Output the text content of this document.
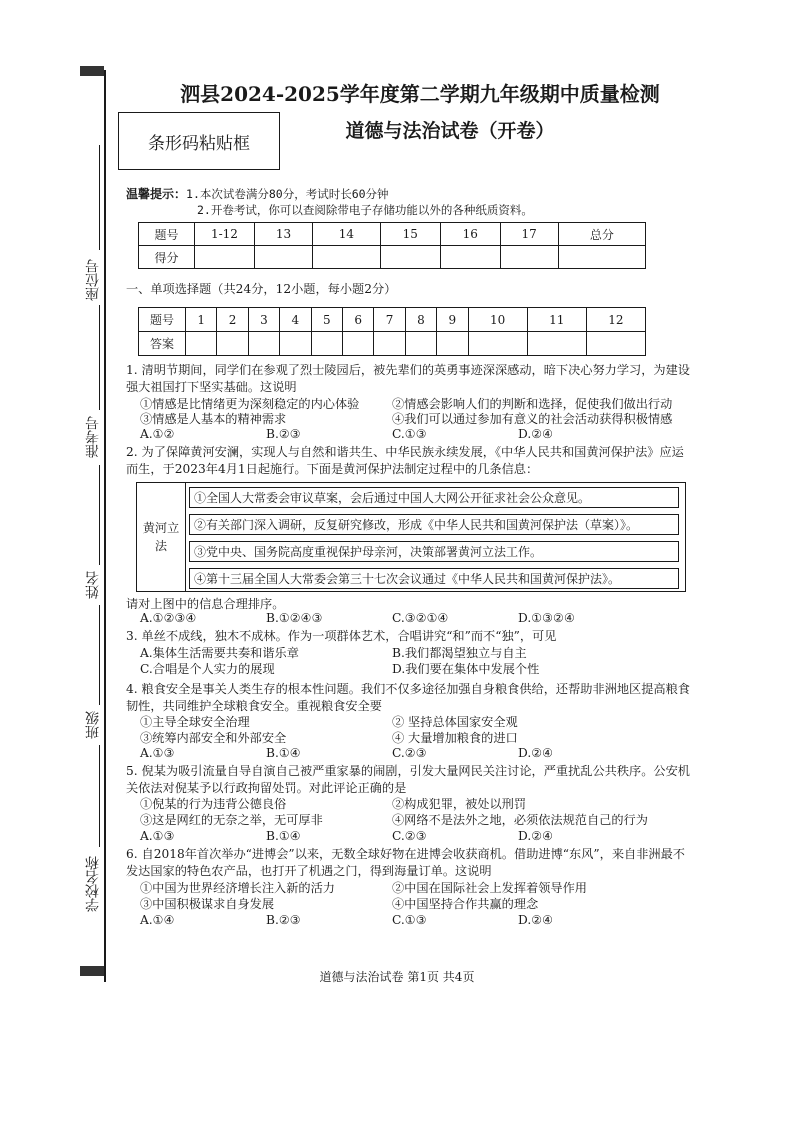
座位号
准考号
姓名
班级
学校名称
泗县2024-2025学年度第二学期九年级期中质量检测
道德与法治试卷（开卷）
条形码粘贴框
温馨提示：1.本次试卷满分80分，考试时长60分钟
2.开卷考试，你可以查阅除带电子存储功能以外的各种纸质资料。
题号	1-12	13	14	15	16	17	总分
得分							
一、单项选择题（共24分，12小题，每小题2分）
题号	1	2	3	4	5	6	7	8	9	10	11	12
答案												
1. 清明节期间，同学们在参观了烈士陵园后，被先辈们的英勇事迹深深感动，暗下决心努力学习，为建设强大祖国打下坚实基础。这说明
①情感是比情绪更为深刻稳定的内心体验	②情感会影响人们的判断和选择，促使我们做出行动
③情感是人基本的精神需求	④我们可以通过参加有意义的社会活动获得积极情感
A.①②	B.②③	C.①③	D.②④
2. 为了保障黄河安澜，实现人与自然和谐共生、中华民族永续发展，《中华人民共和国黄河保护法》应运而生，于2023年4月1日起施行。下面是黄河保护法制定过程中的几条信息：
黄河立法
①全国人大常委会审议草案，会后通过中国人大网公开征求社会公众意见。
②有关部门深入调研，反复研究修改，形成《中华人民共和国黄河保护法（草案）》。
③党中央、国务院高度重视保护母亲河，决策部署黄河立法工作。
④第十三届全国人大常委会第三十七次会议通过《中华人民共和国黄河保护法》。
请对上图中的信息合理排序。
A.①②③④	B.①②④③	C.③②①④	D.①③②④
3. 单丝不成线，独木不成林。作为一项群体艺术，合唱讲究“和”而不“独”，可见
A.集体生活需要共奏和谐乐章	B.我们都渴望独立与自主
C.合唱是个人实力的展现	D.我们要在集体中发展个性
4. 粮食安全是事关人类生存的根本性问题。我们不仅多途径加强自身粮食供给，还帮助非洲地区提高粮食韧性，共同维护全球粮食安全。重视粮食安全要
①主导全球安全治理	② 坚持总体国家安全观
③统筹内部安全和外部安全	④ 大量增加粮食的进口
A.①③	B.①④	C.②③	D.②④
5. 倪某为吸引流量自导自演自己被严重家暴的闹剧，引发大量网民关注讨论，严重扰乱公共秩序。公安机关依法对倪某予以行政拘留处罚。对此评论正确的是
①倪某的行为违背公德良俗	②构成犯罪，被处以刑罚
③这是网红的无奈之举，无可厚非	④网络不是法外之地，必须依法规范自己的行为
A.①③	B.①④	C.②③	D.②④
6. 自2018年首次举办“进博会”以来，无数全球好物在进博会收获商机。借助进博“东风”，来自非洲最不发达国家的特色农产品，也打开了机遇之门，得到海量订单。这说明
①中国为世界经济增长注入新的活力	②中国在国际社会上发挥着领导作用
③中国积极谋求自身发展	④中国坚持合作共赢的理念
A.①④	B.②③	C.①③	D.②④
道德与法治试卷 第1页 共4页
